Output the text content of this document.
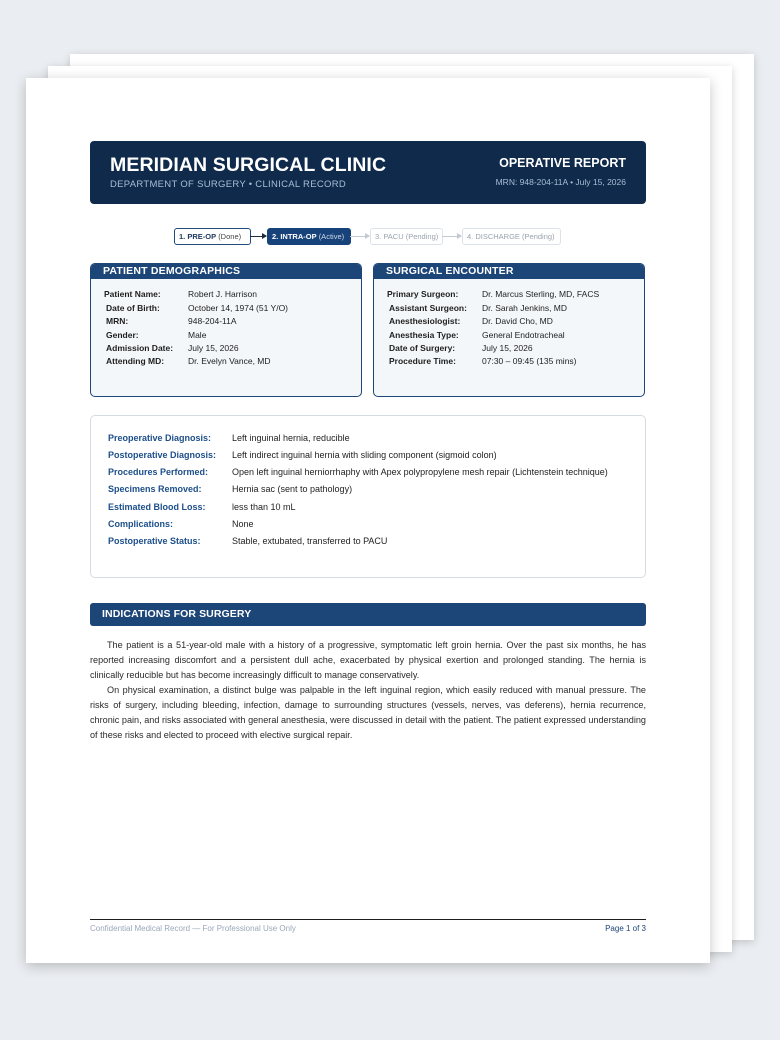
MERIDIAN SURGICAL CLINIC
DEPARTMENT OF SURGERY • CLINICAL RECORD
OPERATIVE REPORT
MRN: 948-204-11A • July 15, 2026
1. PRE-OP (Done)	2. INTRA-OP (Active)	3. PACU (Pending)	4. DISCHARGE (Pending)
PATIENT DEMOGRAPHICS
Patient Name:	Robert J. Harrison
Date of Birth:	October 14, 1974 (51 Y/O)
MRN:	948-204-11A
Gender:	Male
Admission Date: July 15, 2026
Attending MD:	Dr. Evelyn Vance, MD
SURGICAL ENCOUNTER
Primary Surgeon:	Dr. Marcus Sterling, MD, FACS
Assistant Surgeon: Dr. Sarah Jenkins, MD
Anesthesiologist:	Dr. David Cho, MD
Anesthesia Type:	General Endotracheal
Date of Surgery:	July 15, 2026
Procedure Time:	07:30 – 09:45 (135 mins)
Preoperative Diagnosis: Left inguinal hernia, reducible
Postoperative Diagnosis: Left indirect inguinal hernia with sliding component (sigmoid colon)
Procedures Performed:	Open left inguinal herniorrhaphy with Apex polypropylene mesh repair (Lichtenstein technique)
Specimens Removed:	Hernia sac (sent to pathology)
Estimated Blood Loss:	less than 10 mL
Complications:	None
Postoperative Status:	Stable, extubated, transferred to PACU
INDICATIONS FOR SURGERY

The patient is a 51-year-old male with a history of a progressive, symptomatic left groin hernia. Over the past six months, he has reported increasing discomfort and a persistent dull ache, exacerbated by physical exertion and prolonged standing. The hernia is clinically reducible but has become increasingly difficult to manage conservatively.

On physical examination, a distinct bulge was palpable in the left inguinal region, which easily reduced with manual pressure. The risks of surgery, including bleeding, infection, damage to surrounding structures (vessels, nerves, vas deferens), hernia recurrence, chronic pain, and risks associated with general anesthesia, were discussed in detail with the patient. The patient expressed understanding of these risks and elected to proceed with elective surgical repair.

Confidential Medical Record — For Professional Use Only	Page 1 of 3
